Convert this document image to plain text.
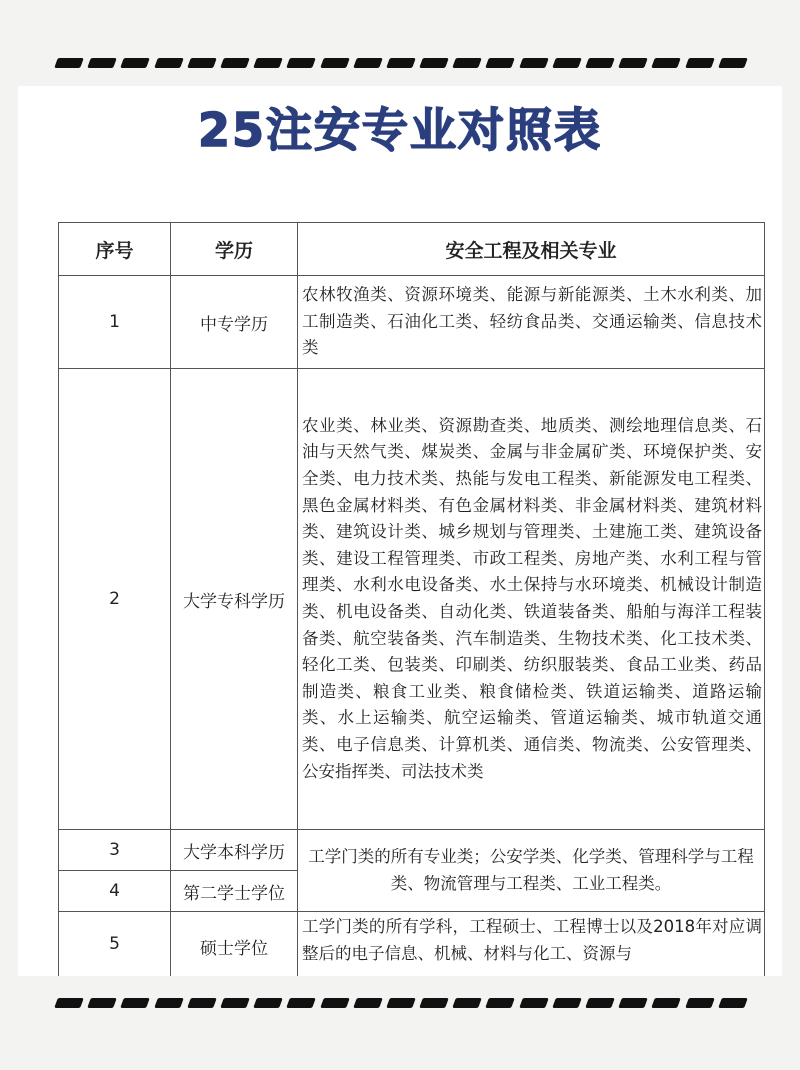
25注安专业对照表
序号	学历	安全工程及相关专业
1	中专学历	农林牧渔类、资源环境类、能源与新能源类、土木水利类、加工制造类、石油化工类、轻纺食品类、交通运输类、信息技术类
2	大学专科学历	农业类、林业类、资源勘查类、地质类、测绘地理信息类、石油与天然气类、煤炭类、金属与非金属矿类、环境保护类、安全类、电力技术类、热能与发电工程类、新能源发电工程类、黑色金属材料类、有色金属材料类、非金属材料类、建筑材料类、建筑设计类、城乡规划与管理类、土建施工类、建筑设备类、建设工程管理类、市政工程类、房地产类、水利工程与管理类、水利水电设备类、水土保持与水环境类、机械设计制造类、机电设备类、自动化类、铁道装备类、船舶与海洋工程装备类、航空装备类、汽车制造类、生物技术类、化工技术类、轻化工类、包装类、印刷类、纺织服装类、食品工业类、药品制造类、粮食工业类、粮食储检类、铁道运输类、道路运输类、水上运输类、航空运输类、管道运输类、城市轨道交通类、电子信息类、计算机类、通信类、物流类、公安管理类、公安指挥类、司法技术类
3	大学本科学历	工学门类的所有专业类；公安学类、化学类、管理科学与工程类、物流管理与工程类、工业工程类。
4	第二学士学位	
5	硕士学位	工学门类的所有学科，工程硕士、工程博士以及2018年对应调整后的电子信息、机械、材料与化工、资源与
